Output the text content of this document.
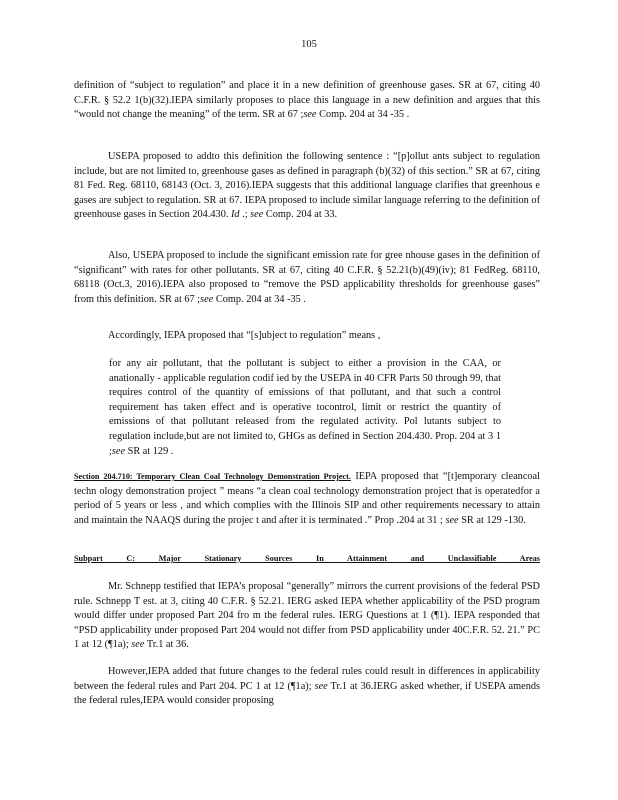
105

definition of “subject to regulation” and place it in a new definition of greenhouse gases. SR at 67, citing 40 C.F.R. § 52.2 1(b)(32).IEPA similarly proposes to place this language in a new definition and argues that this “would not change the meaning” of the term. SR at 67 ;see Comp. 204 at 34 -35 .

USEPA proposed to addto this definition the following sentence : “[p]ollut ants subject to regulation include, but are not limited to, greenhouse gases as defined in paragraph (b)(32) of this section.” SR at 67, citing 81 Fed. Reg. 68110, 68143 (Oct. 3, 2016).IEPA suggests that this additional language clarifies that greenhous e gases are subject to regulation. SR at 67. IEPA proposed to include similar language referring to the definition of greenhouse gases in Section 204.430. Id .; see Comp. 204 at 33.

Also, USEPA proposed to include the significant emission rate for gree nhouse gases in the definition of “significant” with rates for other pollutants. SR at 67, citing 40 C.F.R. § 52.21(b)(49)(iv); 81 FedReg. 68110, 68118 (Oct.3, 2016).IEPA also proposed to “remove the PSD applicability thresholds for greenhouse gases” from this definition. SR at 67 ;see Comp. 204 at 34 -35 .

Accordingly, IEPA proposed that “[s]ubject to regulation” means ,

for any air pollutant, that the pollutant is subject to either a provision in the CAA, or anationally - applicable regulation codif ied by the USEPA in 40 CFR Parts 50 through 99, that requires control of the quantity of emissions of that pollutant, and that such a control requirement has taken effect and is operative tocontrol, limit or restrict the quantity of emissions of that pollutant released from the regulated activity. Pol lutants subject to regulation include,but are not limited to, GHGs as defined in Section 204.430. Prop. 204 at 3 1 ;see SR at 129 .

Section 204.710: Temporary Clean Coal Technology Demonstration Project. IEPA proposed that “[t]emporary cleancoal techn ology demonstration project ” means “a clean coal technology demonstration project that is operatedfor a period of 5 years or less , and which complies with the Illinois SIP and other requirements necessary to attain and maintain the NAAQS during the projec t and after it is terminated .” Prop .204 at 31 ; see SR at 129 -130.

Subpart C: Major Stationary Sources In Attainment and Unclassifiable Areas

Mr. Schnepp testified that IEPA’s proposal “generally” mirrors the current provisions of the federal PSD rule. Schnepp T est. at 3, citing 40 C.F.R. § 52.21. IERG asked IEPA whether applicability of the PSD program would differ under proposed Part 204 fro m the federal rules. IERG Questions at 1 (¶1). IEPA responded that “PSD applicability under proposed Part 204 would not differ from PSD applicability under 40C.F.R. 52. 21.” PC 1 at 12 (¶1a); see Tr.1 at 36.

However,IEPA added that future changes to the federal rules could result in differences in applicability between the federal rules and Part 204. PC 1 at 12 (¶1a); see Tr.1 at 36.IERG asked whether, if USEPA amends the federal rules,IEPA would consider proposing
